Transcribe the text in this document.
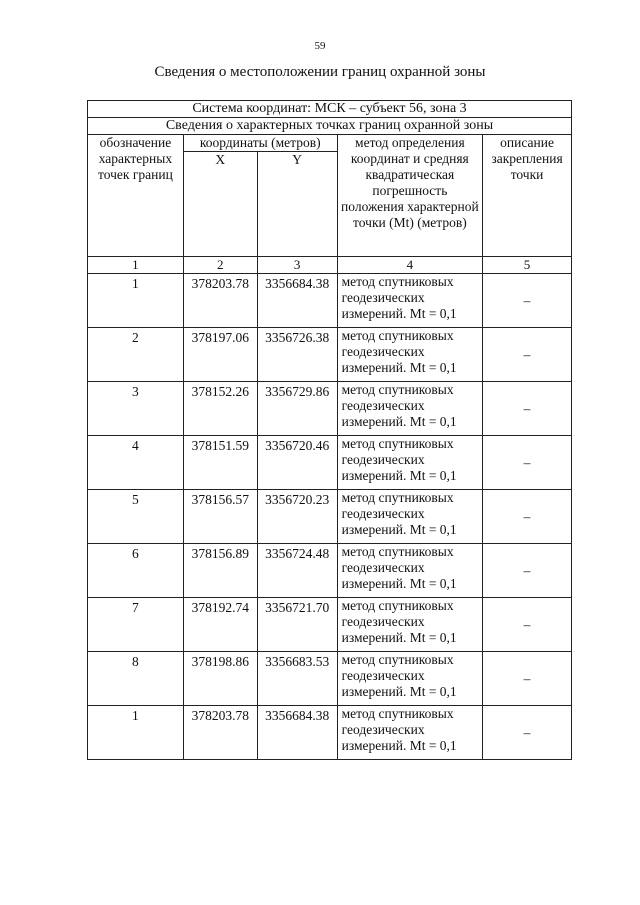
59
Сведения о местоположении границ охранной зоны
Система координат: МСК – субъект 56, зона 3				
Сведения о характерных точках границ охранной зоны				
обозначение характерных точек границ	координаты (метров)		метод определения координат и средняя квадратическая погрешность положения характерной точки (Mt) (метров)	описание закрепления точки
	X	Y		
1	2	3	4	5
1	378203.78	3356684.38	метод спутниковых геодезических измерений. Mt = 0,1	–
2	378197.06	3356726.38	метод спутниковых геодезических измерений. Mt = 0,1	–
3	378152.26	3356729.86	метод спутниковых геодезических измерений. Mt = 0,1	–
4	378151.59	3356720.46	метод спутниковых геодезических измерений. Mt = 0,1	–
5	378156.57	3356720.23	метод спутниковых геодезических измерений. Mt = 0,1	–
6	378156.89	3356724.48	метод спутниковых геодезических измерений. Mt = 0,1	–
7	378192.74	3356721.70	метод спутниковых геодезических измерений. Mt = 0,1	–
8	378198.86	3356683.53	метод спутниковых геодезических измерений. Mt = 0,1	–
1	378203.78	3356684.38	метод спутниковых геодезических измерений. Mt = 0,1	–
